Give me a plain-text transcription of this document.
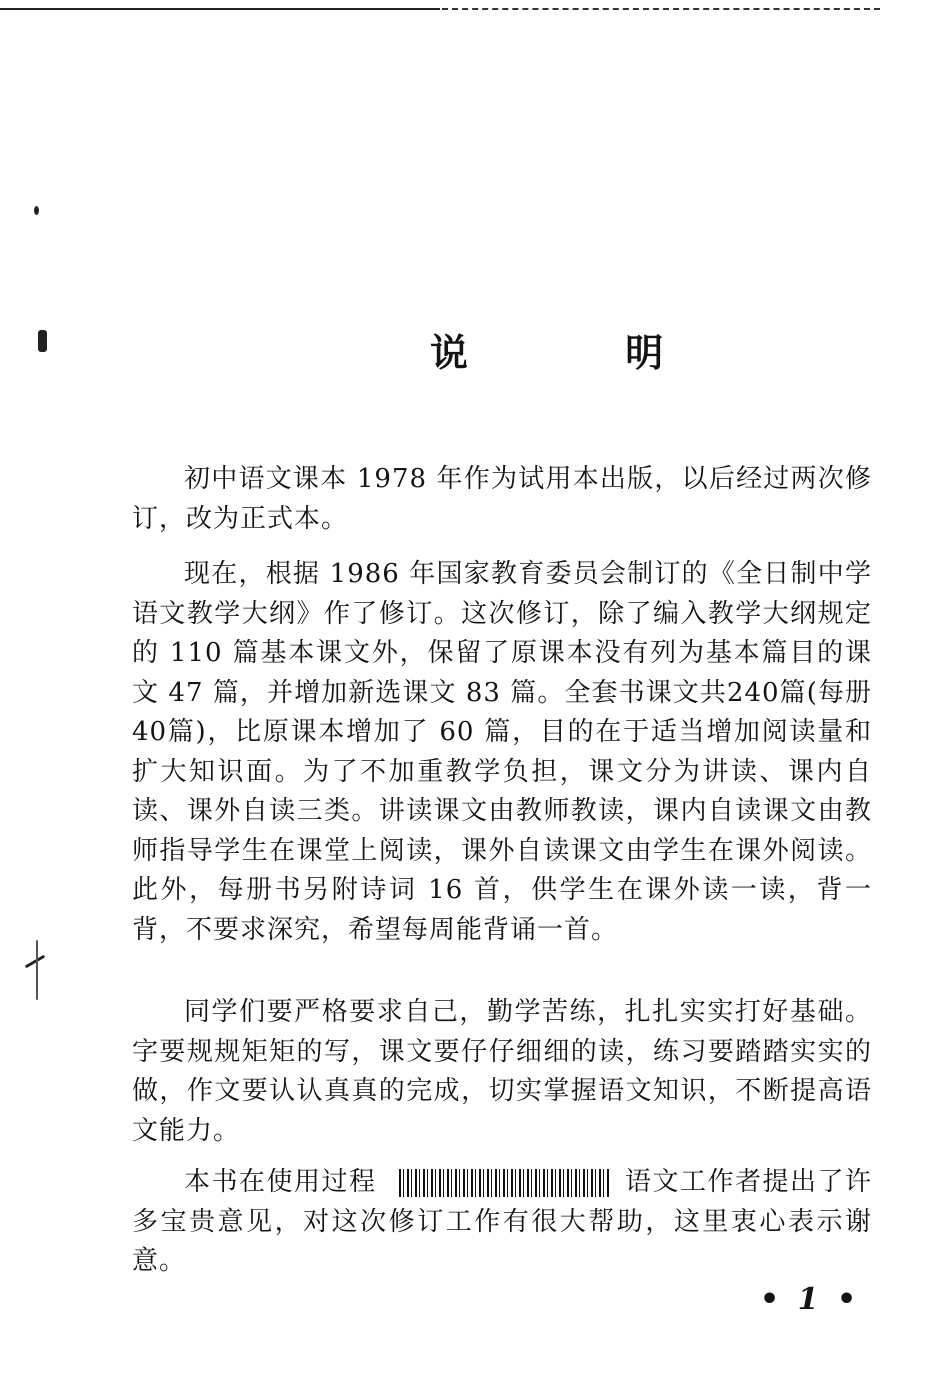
说 明

初中语文课本 1978 年作为试用本出版，以后经过两次修订，改为正式本。

现在，根据 1986 年国家教育委员会制订的《全日制中学语文教学大纲》作了修订。这次修订，除了编入教学大纲规定的 110 篇基本课文外，保留了原课本没有列为基本篇目的课文 47 篇，并增加新选课文 83 篇。全套书课文共240篇(每册40篇)，比原课本增加了 60 篇，目的在于适当增加阅读量和扩大知识面。为了不加重教学负担，课文分为讲读、课内自读、课外自读三类。讲读课文由教师教读，课内自读课文由教师指导学生在课堂上阅读，课外自读课文由学生在课外阅读。此外，每册书另附诗词 16 首，供学生在课外读一读，背一背，不要求深究，希望每周能背诵一首。

同学们要严格要求自己，勤学苦练，扎扎实实打好基础。字要规规矩矩的写，课文要仔仔细细的读，练习要踏踏实实的做，作文要认认真真的完成，切实掌握语文知识，不断提高语文能力。

本书在使用过程	语文工作者提出了许多宝贵意见，对这次修订工作有很大帮助，这里衷心表示谢意。

• 1 •
